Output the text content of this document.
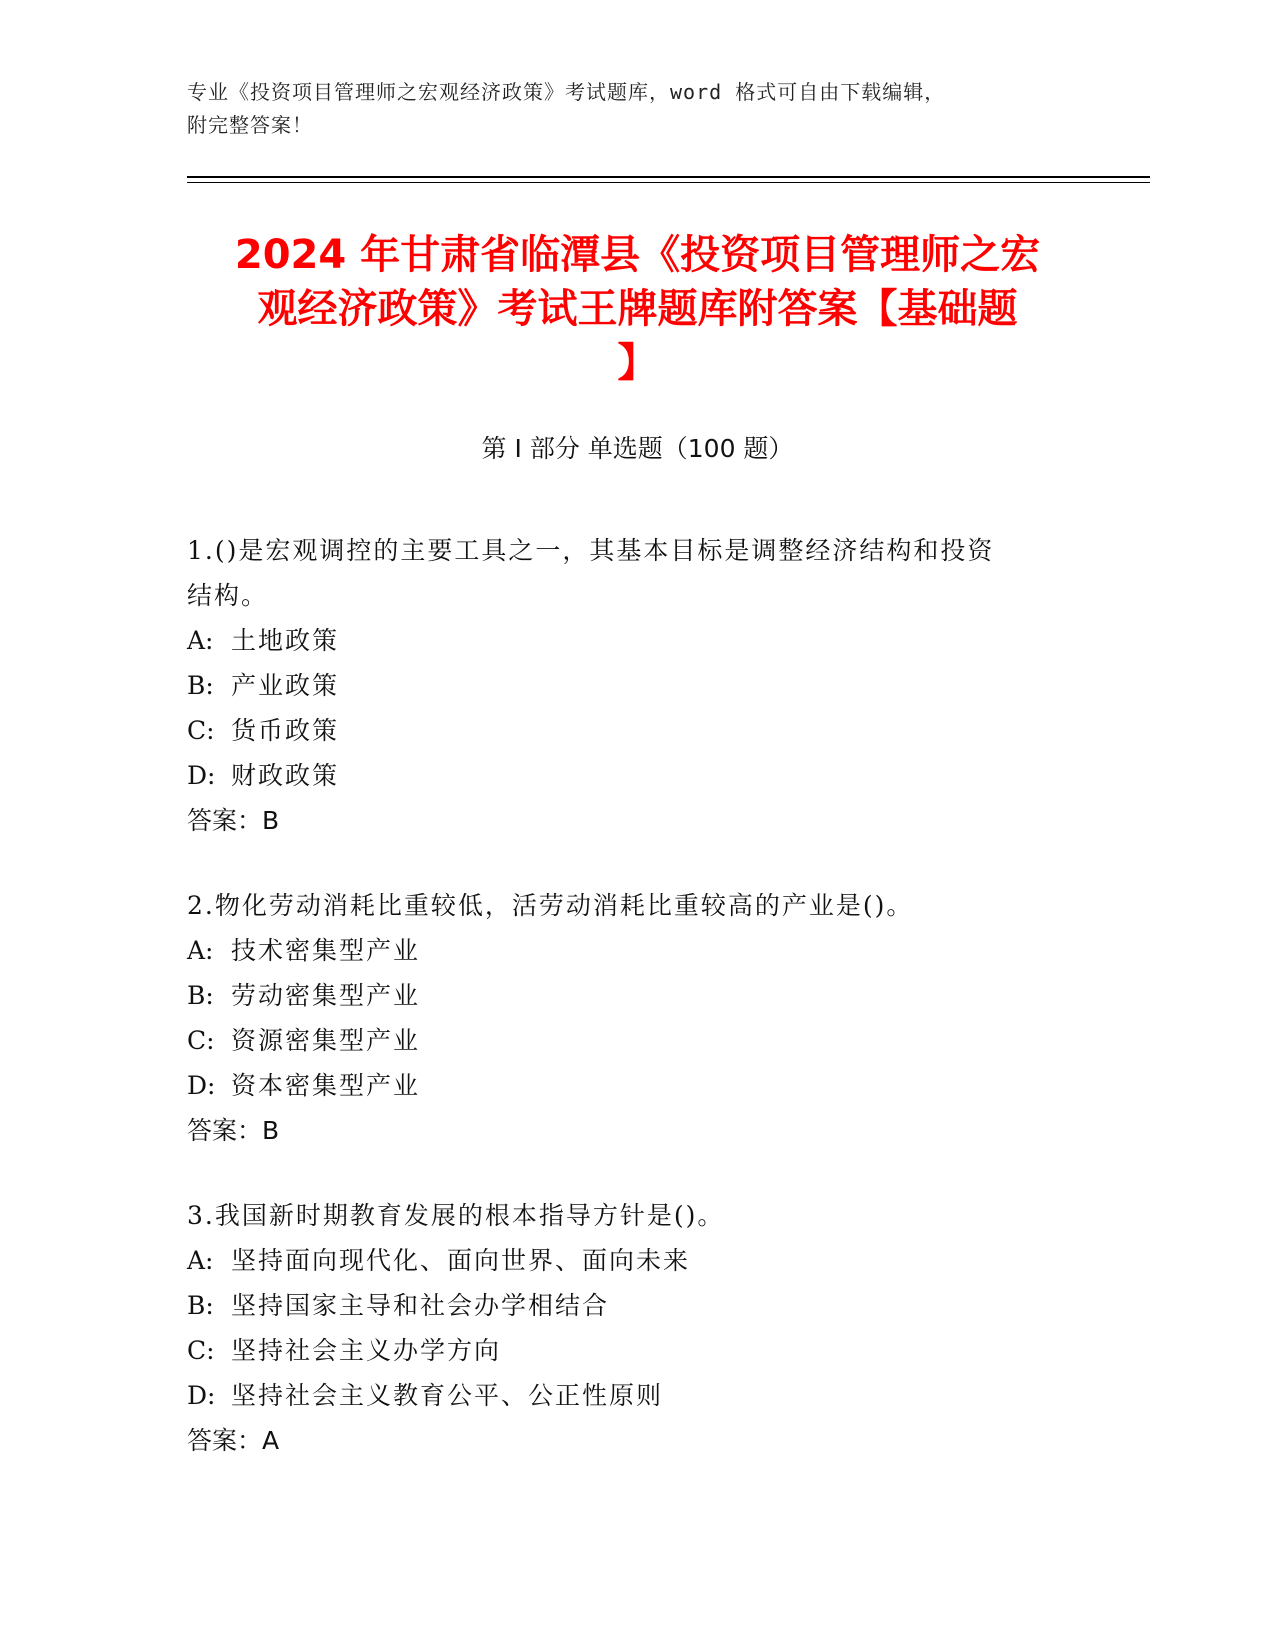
专业《投资项目管理师之宏观经济政策》考试题库，word 格式可自由下载编辑，
附完整答案！
2024 年甘肃省临潭县《投资项目管理师之宏
观经济政策》考试王牌题库附答案【基础题
】
第 I 部分 单选题（100 题）
1.()是宏观调控的主要工具之一，其基本目标是调整经济结构和投资
结构。
A: 土地政策
B: 产业政策
C: 货币政策
D: 财政政策
答案：B
2.物化劳动消耗比重较低，活劳动消耗比重较高的产业是()。
A: 技术密集型产业
B: 劳动密集型产业
C: 资源密集型产业
D: 资本密集型产业
答案：B
3.我国新时期教育发展的根本指导方针是()。
A: 坚持面向现代化、面向世界、面向未来
B: 坚持国家主导和社会办学相结合
C: 坚持社会主义办学方向
D: 坚持社会主义教育公平、公正性原则
答案：A
